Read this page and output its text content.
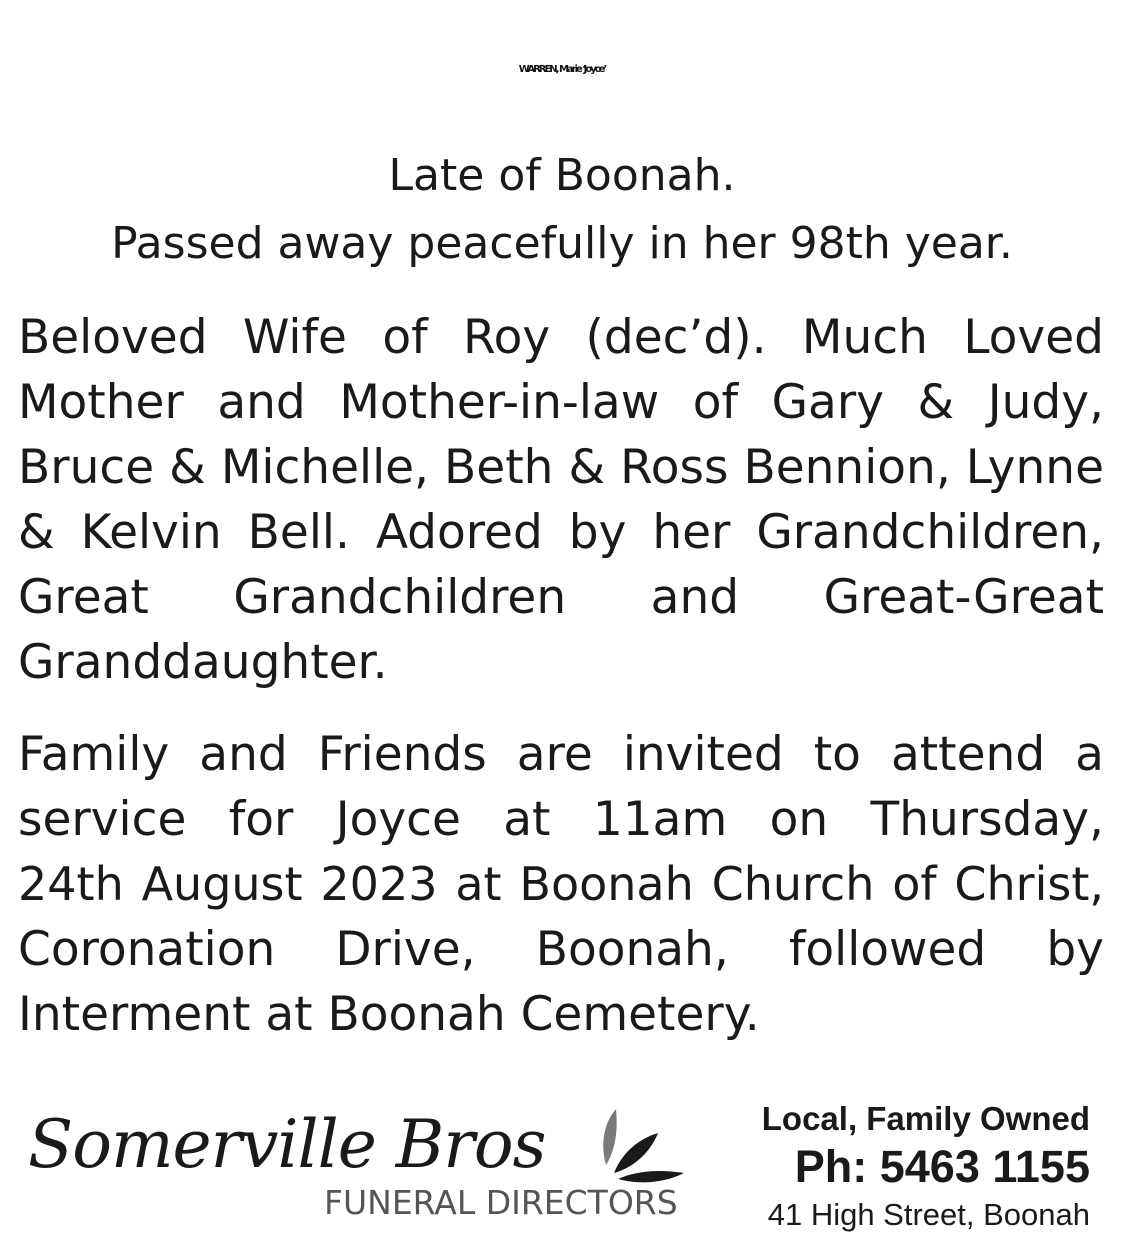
WARREN, Marie ‘Joyce’
Late of Boonah.
Passed away peacefully in her 98th year.
Beloved Wife of Roy (dec’d). Much Loved
Mother and Mother-in-law of Gary & Judy,
Bruce & Michelle, Beth & Ross Bennion, Lynne
& Kelvin Bell. Adored by her Grandchildren,
Great Grandchildren and Great-Great
Granddaughter.
Family and Friends are invited to attend a
service for Joyce at 11am on Thursday,
24th August 2023 at Boonah Church of Christ,
Coronation Drive, Boonah, followed by
Interment at Boonah Cemetery.
Somerville Bros
FUNERAL DIRECTORS
Local, Family Owned
Ph: 5463 1155
41 High Street, Boonah
